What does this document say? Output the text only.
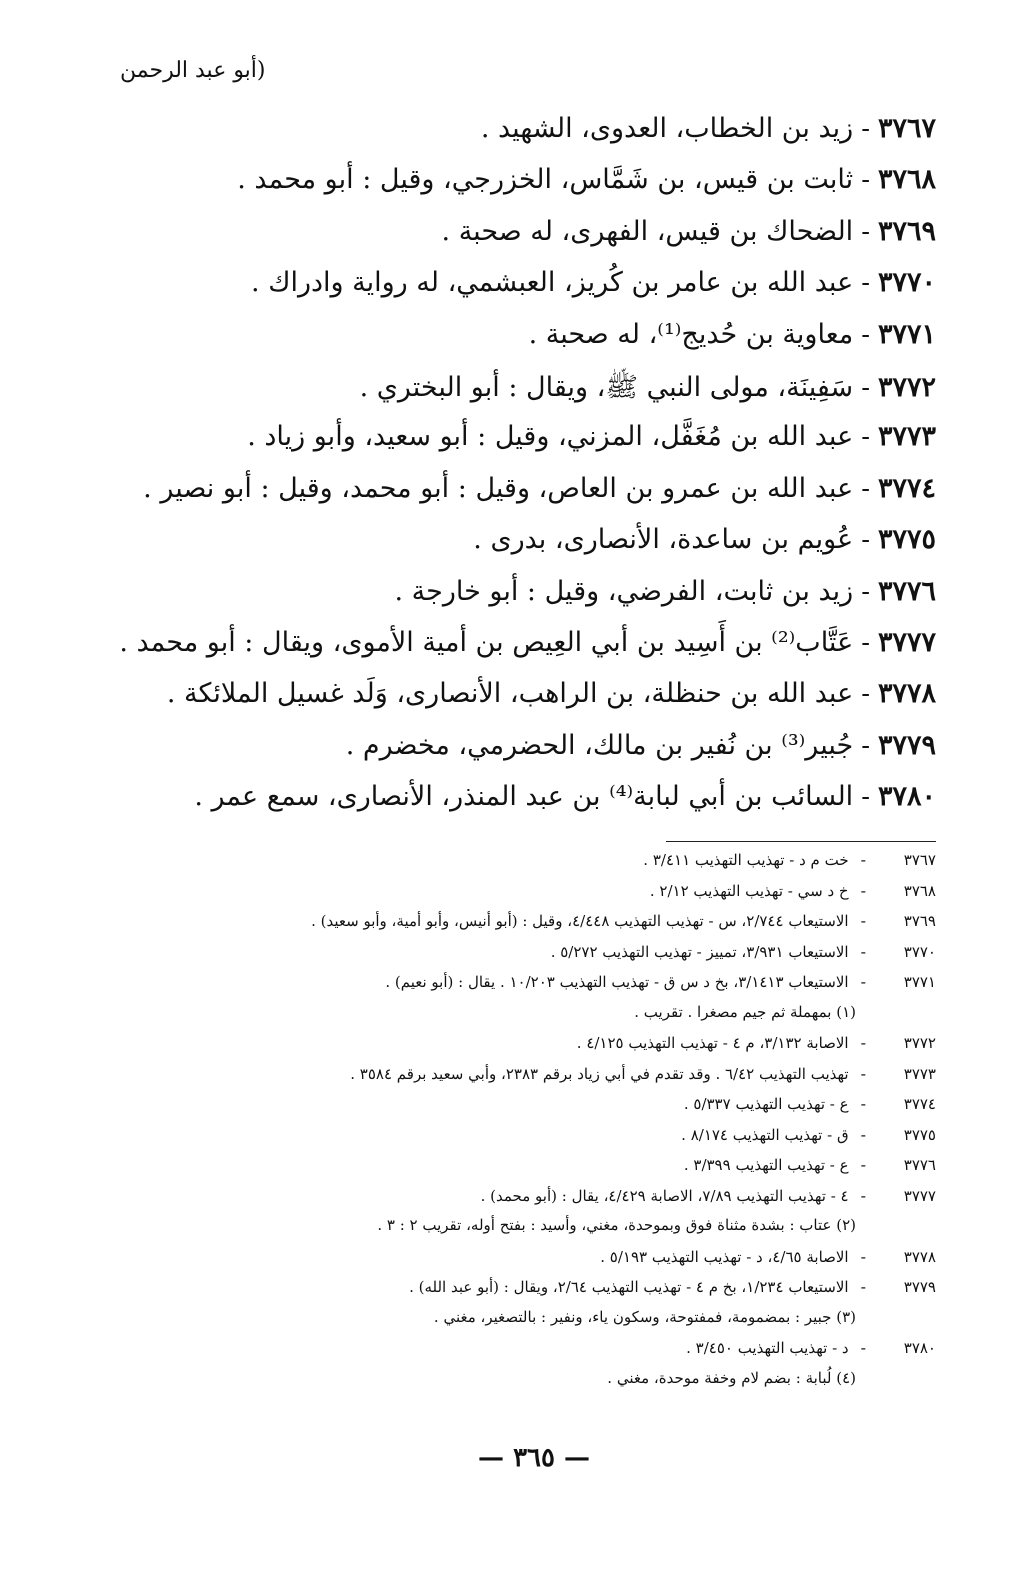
(أبو عبد الرحمن
٣٧٦٧
-
زيد بن الخطاب، العدوى، الشهيد .
٣٧٦٨
-
ثابت بن قيس، بن شَمَّاس، الخزرجي، وقيل : أبو محمد .
٣٧٦٩
-
الضحاك بن قيس، الفهرى، له صحبة .
٣٧٧٠
-
عبد الله بن عامر بن كُريز، العبشمي، له رواية وادراك .
٣٧٧١
-
معاوية بن حُديج⁽¹⁾، له صحبة .
٣٧٧٢
-
سَفِينَة، مولى النبي ﷺ، ويقال : أبو البختري .
٣٧٧٣
-
عبد الله بن مُغَفَّل، المزني، وقيل : أبو سعيد، وأبو زياد .
٣٧٧٤
-
عبد الله بن عمرو بن العاص، وقيل : أبو محمد، وقيل : أبو نصير .
٣٧٧٥
-
عُويم بن ساعدة، الأنصارى، بدرى .
٣٧٧٦
-
زيد بن ثابت، الفرضي، وقيل : أبو خارجة .
٣٧٧٧
-
عَتَّاب⁽²⁾ بن أَسِيد بن أبي العِيص بن أمية الأموى، ويقال : أبو محمد .
٣٧٧٨
-
عبد الله بن حنظلة، بن الراهب، الأنصارى، وَلَد غسيل الملائكة .
٣٧٧٩
-
جُبير⁽³⁾ بن نُفير بن مالك، الحضرمي، مخضرم .
٣٧٨٠
-
السائب بن أبي لبابة⁽⁴⁾ بن عبد المنذر، الأنصارى، سمع عمر .
٣٧٦٧
-
خت م د - تهذيب التهذيب ٣/٤١١ .
٣٧٦٨
-
خ د سي - تهذيب التهذيب ٢/١٢ .
٣٧٦٩
-
الاستيعاب ٢/٧٤٤، س - تهذيب التهذيب ٤/٤٤٨، وقيل : (أبو أنيس، وأبو أمية، وأبو سعيد) .
٣٧٧٠
-
الاستيعاب ٣/٩٣١، تمييز - تهذيب التهذيب ٥/٢٧٢ .
٣٧٧١
-
الاستيعاب ٣/١٤١٣، بخ د س ق - تهذيب التهذيب ١٠/٢٠٣ . يقال : (أبو نعيم) .
(١) بمهملة ثم جيم مصغرا . تقريب .
٣٧٧٢
-
الاصابة ٣/١٣٢، م ٤ - تهذيب التهذيب ٤/١٢٥ .
٣٧٧٣
-
تهذيب التهذيب ٦/٤٢ . وقد تقدم في أبي زياد برقم ٢٣٨٣، وأبي سعيد برقم ٣٥٨٤ .
٣٧٧٤
-
ع - تهذيب التهذيب ٥/٣٣٧ .
٣٧٧٥
-
ق - تهذيب التهذيب ٨/١٧٤ .
٣٧٧٦
-
ع - تهذيب التهذيب ٣/٣٩٩ .
٣٧٧٧
-
٤ - تهذيب التهذيب ٧/٨٩، الاصابة ٤/٤٢٩، يقال : (أبو محمد) .
(٢) عتاب : بشدة مثناة فوق وبموحدة، مغني، وأسيد : بفتح أوله، تقريب ٢ : ٣ .
٣٧٧٨
-
الاصابة ٤/٦٥، د - تهذيب التهذيب ٥/١٩٣ .
٣٧٧٩
-
الاستيعاب ١/٢٣٤، بخ م ٤ - تهذيب التهذيب ٢/٦٤، ويقال : (أبو عبد الله) .
(٣) جبير : بمضمومة، فمفتوحة، وسكون ياء، ونفير : بالتصغير، مغني .
٣٧٨٠
-
د - تهذيب التهذيب ٣/٤٥٠ .
(٤) لُبابة : بضم لام وخفة موحدة، مغني .
— ٣٦٥ —
